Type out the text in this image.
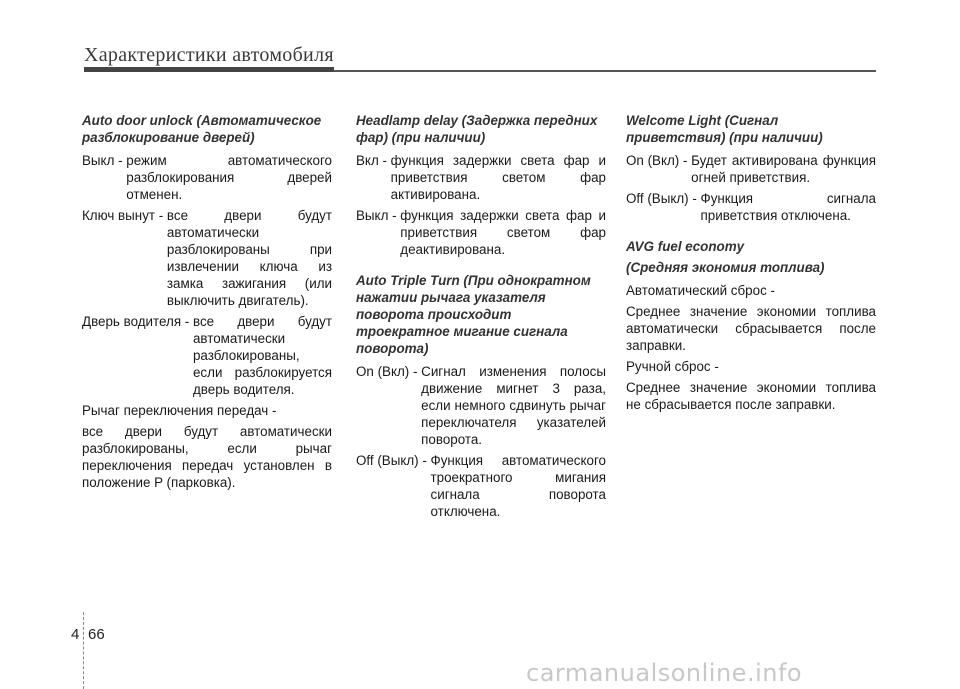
Характеристики автомобиля

Auto door unlock (Автоматическое разблокирование дверей)

Выкл - режим автоматического разблокирования дверей отменен.
Ключ вынут - все двери будут автоматически разблокированы при извлечении ключа из замка зажигания (или выключить двигатель).
Дверь водителя - все двери будут автоматически разблокированы, если разблокируется дверь водителя.

Рычаг переключения передач -

все двери будут автоматически разблокированы, если рычаг переключения передач установлен в положение P (парковка).

Headlamp delay (Задержка передних фар) (при наличии)

Вкл - функция задержки света фар и приветствия светом фар активирована.
Выкл - функция задержки света фар и приветствия светом фар деактивирована.

Auto Triple Turn (При однократном нажатии рычага указателя поворота происходит троекратное мигание сигнала поворота)

On (Вкл) - Сигнал изменения полосы движение мигнет 3 раза, если немного сдвинуть рычаг переключателя указателей поворота.
Off (Выкл) - Функция автоматического троекратного мигания сигнала поворота отключена.

Welcome Light (Сигнал приветствия) (при наличии)

On (Вкл) - Будет активирована функция огней приветствия.
Off (Выкл) - Функция сигнала приветствия отключена.

AVG fuel economy

(Средняя экономия топлива)

Автоматический сброс -

Среднее значение экономии топлива автоматически сбрасывается после заправки.

Ручной сброс -

Среднее значение экономии топлива не сбрасывается после заправки.

4 66
carmanualsonline.info
